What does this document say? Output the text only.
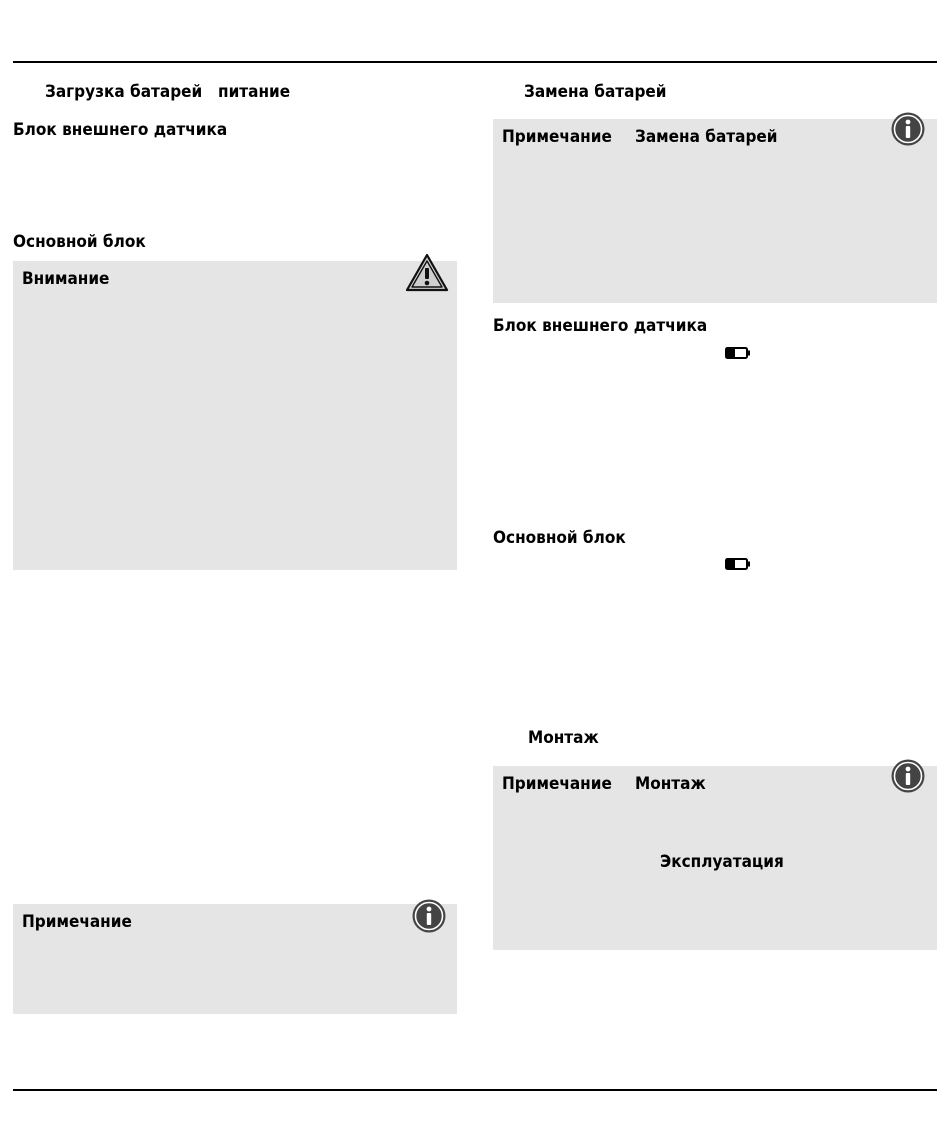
Загрузка батарей питание
Блок внешнего датчика
Основной блок
Внимание
Примечание
Замена батарей
Примечание Замена батарей
Блок внешнего датчика
Основной блок
Монтаж
Примечание Монтаж
Эксплуатация
